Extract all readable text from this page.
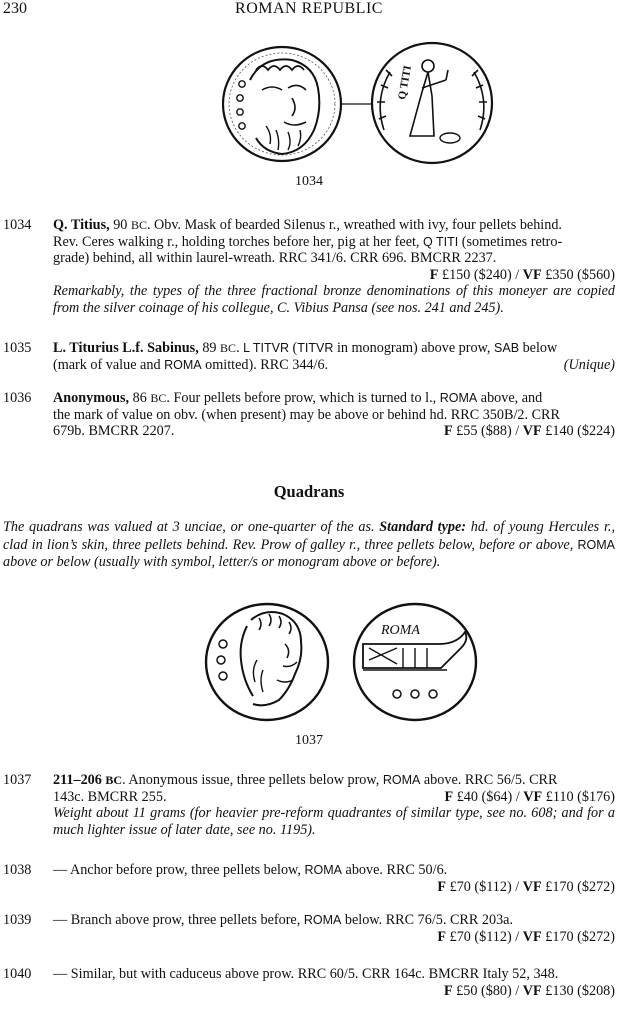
230	ROMAN REPUBLIC
Q TITI
1034
1034 Q. Titius, 90 BC. Obv. Mask of bearded Silenus r., wreathed with ivy, four pellets behind.
Rev. Ceres walking r., holding torches before her, pig at her feet, Q TITI (sometimes retro-
grade) behind, all within laurel-wreath. RRC 341/6. CRR 696. BMCRR 2237.
F £150 ($240) / VF £350 ($560)
Remarkably, the types of the three fractional bronze denominations of this moneyer are copied from the silver coinage of his collegue, C. Vibius Pansa (see nos. 241 and 245).
1035 L. Titurius L.f. Sabinus, 89 BC. L TITVR (TITVR in monogram) above prow, SAB below
(mark of value and ROMA omitted). RRC 344/6.	(Unique)
1036 Anonymous, 86 BC. Four pellets before prow, which is turned to l., ROMA above, and
the mark of value on obv. (when present) may be above or behind hd. RRC 350B/2. CRR
679b. BMCRR 2207.	F £55 ($88) / VF £140 ($224)
Quadrans
The quadrans was valued at 3 unciae, or one-quarter of the as. Standard type: hd. of young Hercules r., clad in lion’s skin, three pellets behind. Rev. Prow of galley r., three pellets below, before or above, ROMA above or below (usually with symbol, letter/s or monogram above or before).
ROMA
1037
1037 211–206 BC. Anonymous issue, three pellets below prow, ROMA above. RRC 56/5. CRR
143c. BMCRR 255.	F £40 ($64) / VF £110 ($176)
Weight about 11 grams (for heavier pre-reform quadrantes of similar type, see no. 608; and for a much lighter issue of later date, see no. 1195).
1038 — Anchor before prow, three pellets below, ROMA above. RRC 50/6.
F £70 ($112) / VF £170 ($272)
1039 — Branch above prow, three pellets before, ROMA below. RRC 76/5. CRR 203a.
F £70 ($112) / VF £170 ($272)
1040 — Similar, but with caduceus above prow. RRC 60/5. CRR 164c. BMCRR Italy 52, 348.
F £50 ($80) / VF £130 ($208)
